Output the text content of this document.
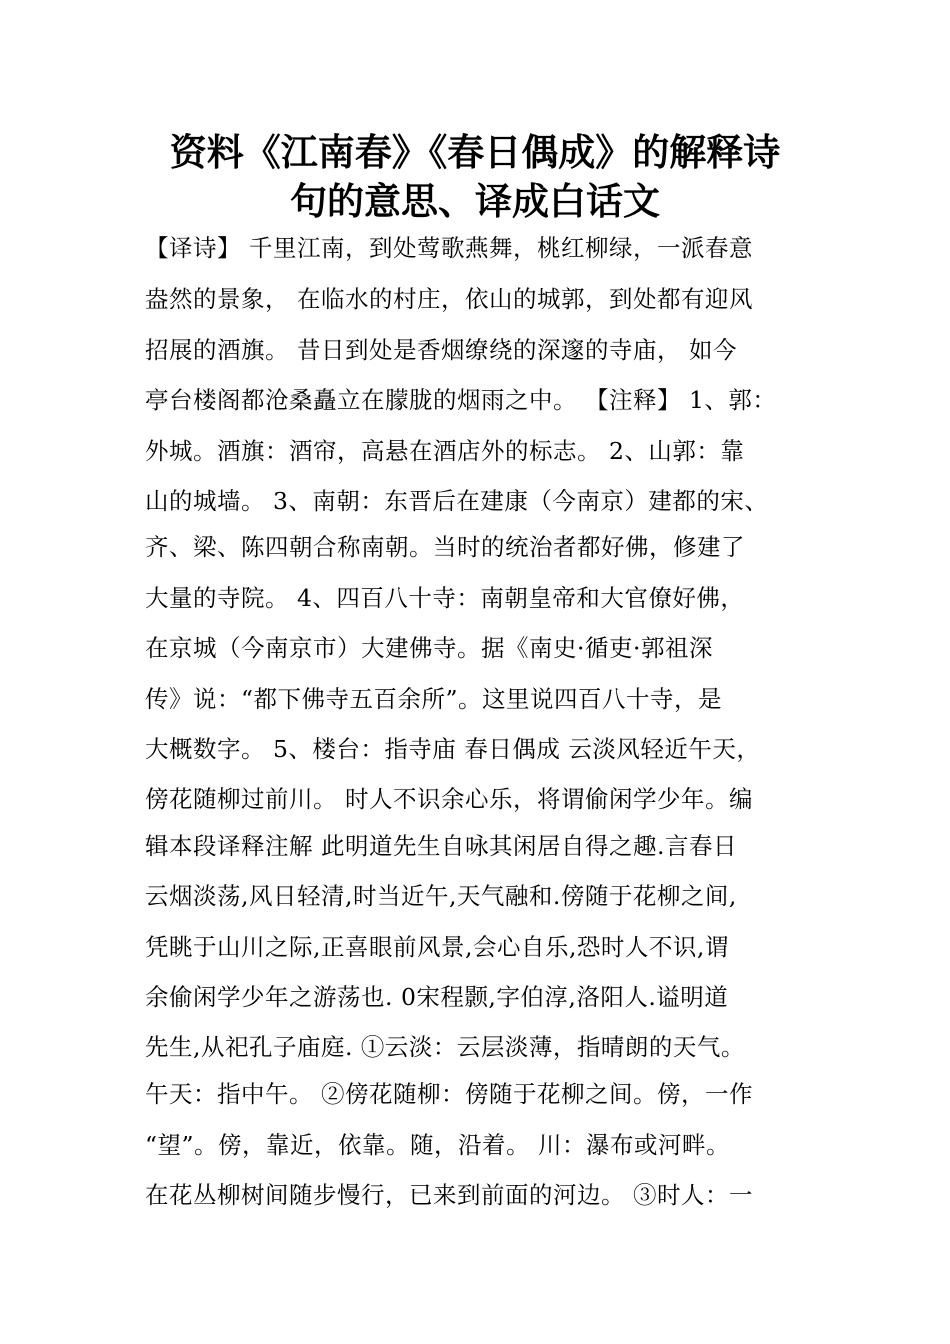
资料《江南春》《春日偶成》的解释诗
句的意思、译成白话文

【译诗】 千里江南，到处莺歌燕舞，桃红柳绿，一派春意

盎然的景象， 在临水的村庄，依山的城郭，到处都有迎风

招展的酒旗。 昔日到处是香烟缭绕的深邃的寺庙， 如今

亭台楼阁都沧桑矗立在朦胧的烟雨之中。 【注释】 1、郭：

外城。酒旗：酒帘，高悬在酒店外的标志。 2、山郭：靠

山的城墙。 3、南朝：东晋后在建康（今南京）建都的宋、

齐、梁、陈四朝合称南朝。当时的统治者都好佛，修建了

大量的寺院。 4、四百八十寺：南朝皇帝和大官僚好佛，

在京城（今南京市）大建佛寺。据《南史·循吏·郭祖深

传》说：“都下佛寺五百余所”。这里说四百八十寺，是

大概数字。 5、楼台：指寺庙 春日偶成 云淡风轻近午天，

傍花随柳过前川。 时人不识余心乐，将谓偷闲学少年。编

辑本段译释注解 此明道先生自咏其闲居自得之趣.言春日

云烟淡荡,风日轻清,时当近午,天气融和.傍随于花柳之间,

凭眺于山川之际,正喜眼前风景,会心自乐,恐时人不识,谓

余偷闲学少年之游荡也. 0宋程颢,字伯淳,洛阳人.谥明道

先生,从祀孔子庙庭. ①云淡：云层淡薄，指晴朗的天气。

午天：指中午。 ②傍花随柳：傍随于花柳之间。傍，一作

“望”。傍，靠近，依靠。随，沿着。 川：瀑布或河畔。

在花丛柳树间随步慢行，已来到前面的河边。 ③时人：一
